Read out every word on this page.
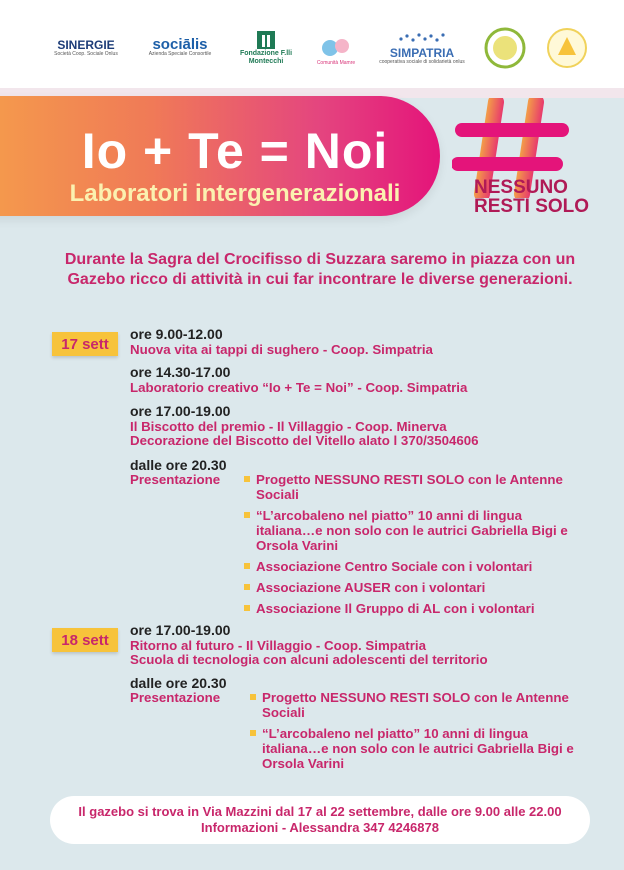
SINERGIE
Società Coop. Sociale Onlus
sociālis
Azienda Speciale Consortile	Fondazione F.lli Montecchi	Comunità Mamre
SIMPATRIA
cooperativa sociale di solidarietà onlus
Io + Te = Noi
Laboratori intergenerazionali	NESSUNO RESTI SOLO
Durante la Sagra del Crocifisso di Suzzara saremo in piazza con un Gazebo ricco di attività in cui far incontrare le diverse generazioni.
17 sett
ore 9.00-12.00
Nuova vita ai tappi di sughero - Coop. Simpatria
ore 14.30-17.00
Laboratorio creativo “Io + Te = Noi” - Coop. Simpatria
ore 17.00-19.00
Il Biscotto del premio - Il Villaggio - Coop. Minerva
Decorazione del Biscotto del Vitello alato l 370/3504606
dalle ore 20.30
Presentazione	Progetto NESSUNO RESTI SOLO con le Antenne Sociali
“L’arcobaleno nel piatto” 10 anni di lingua italiana…e non solo con le autrici Gabriella Bigi e Orsola Varini
Associazione Centro Sociale con i volontari
Associazione AUSER con i volontari
Associazione Il Gruppo di AL con i volontari
18 sett
ore 17.00-19.00
Ritorno al futuro - Il Villaggio - Coop. Simpatria
Scuola di tecnologia con alcuni adolescenti del territorio
dalle ore 20.30
Presentazione	Progetto NESSUNO RESTI SOLO con le Antenne Sociali
“L’arcobaleno nel piatto” 10 anni di lingua italiana…e non solo con le autrici Gabriella Bigi e Orsola Varini
Il gazebo si trova in Via Mazzini dal 17 al 22 settembre, dalle ore 9.00 alle 22.00
Informazioni - Alessandra 347 4246878
